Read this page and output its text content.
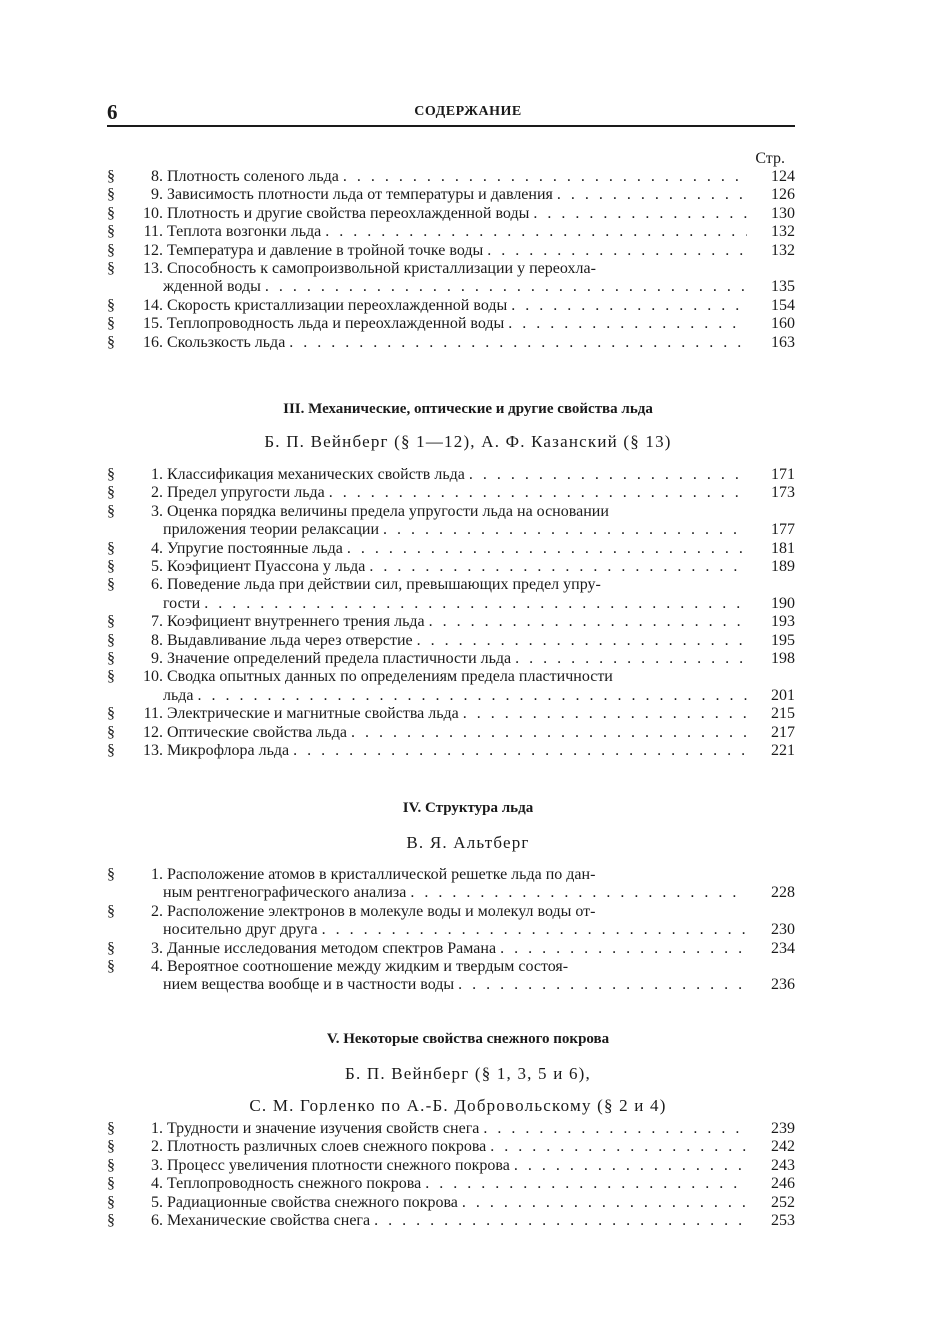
6	СОДЕРЖАНИЕ
Стр.
§	8. Плотность соленого льда . . .	124
§	9. Зависимость плотности льда от температуры и давления . . .	126
§	10. Плотность и другие свойства переохлажденной воды . . .	130
§	11. Теплота возгонки льда . . .	132
§	12. Температура и давление в тройной точке воды . . .	132
§	13. Способность к самопроизвольной кристаллизации у переохла-
жденной воды . . .	135
§	14. Скорость кристаллизации переохлажденной воды . . .	154
§	15. Теплопроводность льда и переохлажденной воды . . .	160
§	16. Скользкость льда . . .	163
III. Механические, оптические и другие свойства льда
Б. П. Вейнберг (§ 1—12), А. Ф. Казанский (§ 13)
§	1. Классификация механических свойств льда . . .	171
§	2. Предел упругости льда . . .	173
§	3. Оценка порядка величины предела упругости льда на основании
приложения теории релаксации . . .	177
§	4. Упругие постоянные льда . . .	181
§	5. Коэфициент Пуассона у льда . . .	189
§	6. Поведение льда при действии сил, превышающих предел упру-
гости . . .	190
§	7. Коэфициент внутреннего трения льда . . .	193
§	8. Выдавливание льда через отверстие . . .	195
§	9. Значение определений предела пластичности льда . . .	198
§	10. Сводка опытных данных по определениям предела пластичности
льда . . .	201
§	11. Электрические и магнитные свойства льда . . .	215
§	12. Оптические свойства льда . . .	217
§	13. Микрофлора льда . . .	221
IV. Структура льда
В. Я. Альтберг
§	1. Расположение атомов в кристаллической решетке льда по дан-
ным рентгенографического анализа . . .	228
§	2. Расположение электронов в молекуле воды и молекул воды от-
носительно друг друга . . .	230
§	3. Данные исследования методом спектров Рамана . . .	234
§	4. Вероятное соотношение между жидким и твердым состоя-
нием вещества вообще и в частности воды . . .	236
V. Некоторые свойства снежного покрова
Б. П. Вейнберг (§ 1, 3, 5 и 6),
С. М. Горленко по А.-Б. Добровольскому (§ 2 и 4)
§	1. Трудности и значение изучения свойств снега . . .	239
§	2. Плотность различных слоев снежного покрова . . .	242
§	3. Процесс увеличения плотности снежного покрова . . .	243
§	4. Теплопроводность снежного покрова . . .	246
§	5. Радиационные свойства снежного покрова . . .	252
§	6. Механические свойства снега . . .	253
